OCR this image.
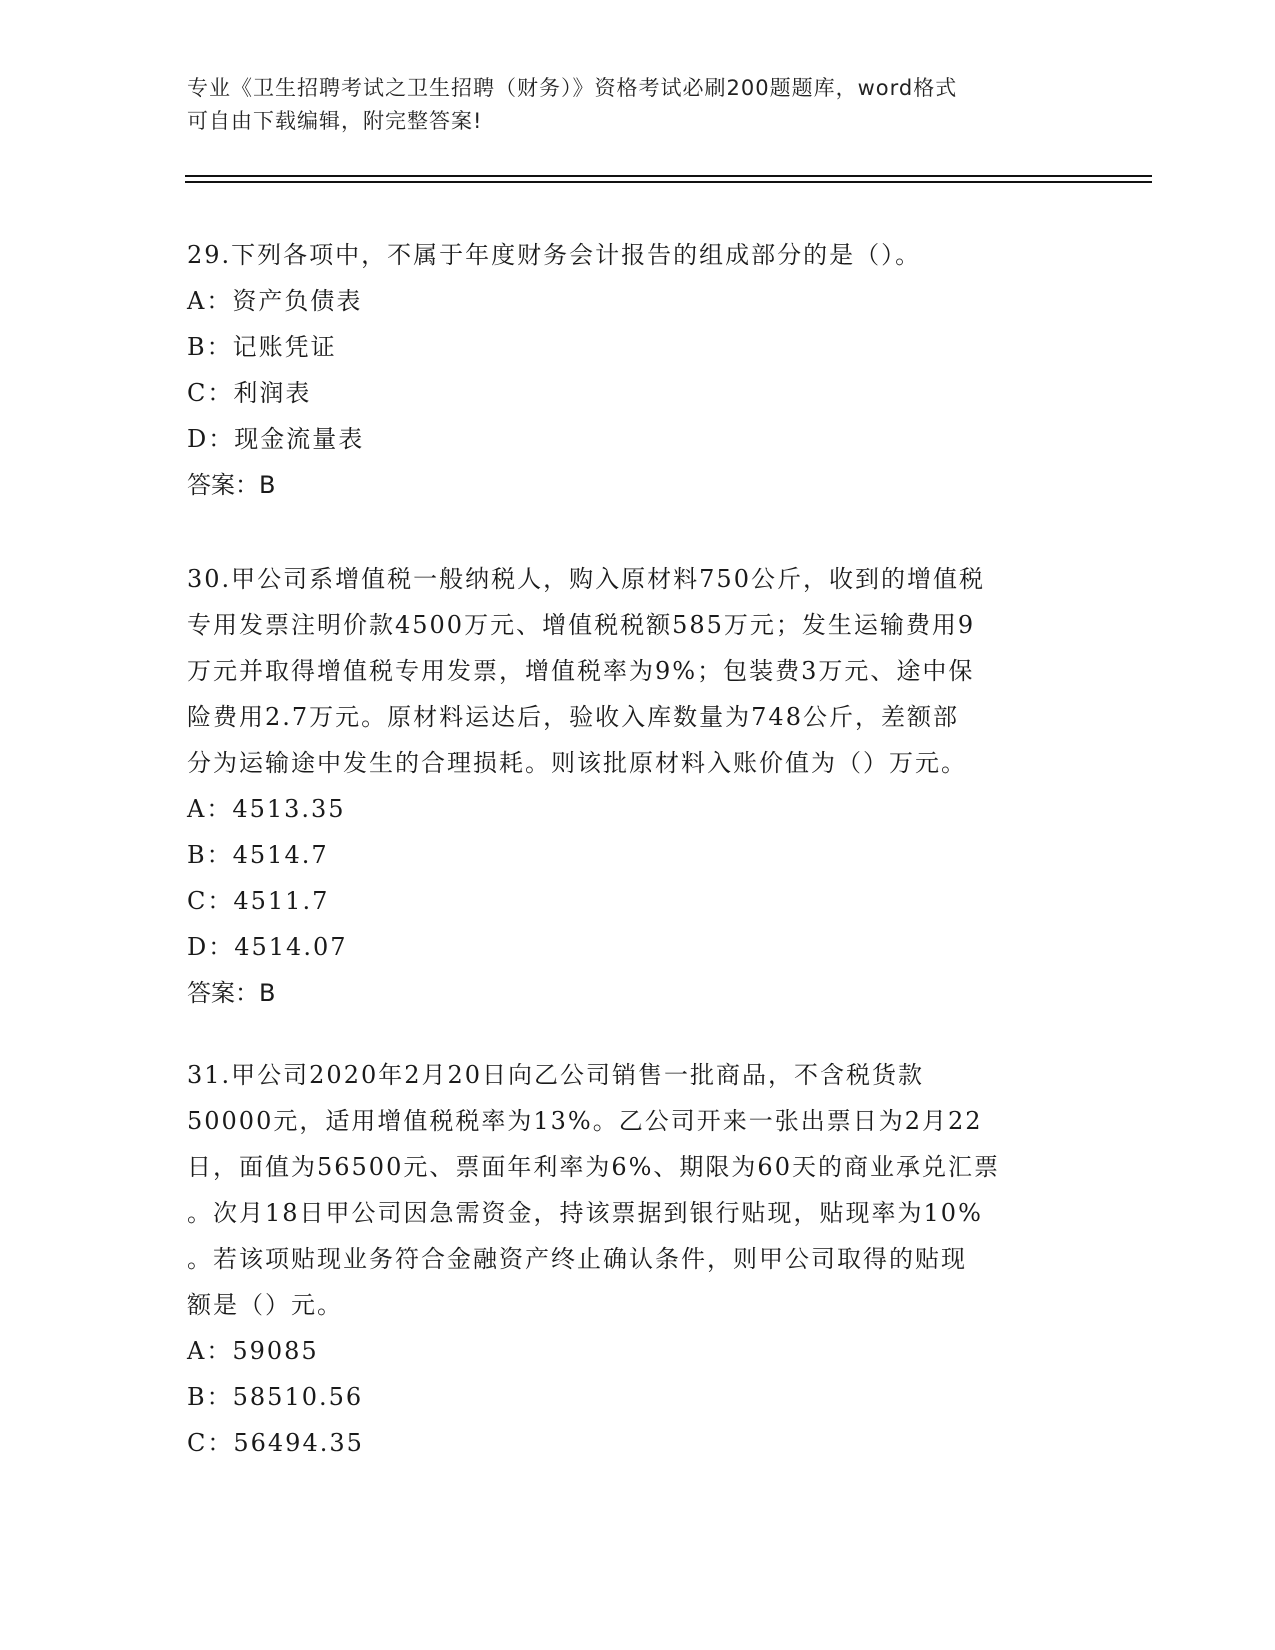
专业《卫生招聘考试之卫生招聘（财务）》资格考试必刷200题题库，word格式
可自由下载编辑，附完整答案!
29.下列各项中，不属于年度财务会计报告的组成部分的是（）。
A：资产负债表
B：记账凭证
C：利润表
D：现金流量表
答案：B
30.甲公司系增值税一般纳税人，购入原材料750公斤，收到的增值税
专用发票注明价款4500万元、增值税税额585万元；发生运输费用9
万元并取得增值税专用发票，增值税率为9%；包装费3万元、途中保
险费用2.7万元。原材料运达后，验收入库数量为748公斤，差额部
分为运输途中发生的合理损耗。则该批原材料入账价值为（）万元。
A：4513.35
B：4514.7
C：4511.7
D：4514.07
答案：B
31.甲公司2020年2月20日向乙公司销售一批商品，不含税货款
50000元，适用增值税税率为13%。乙公司开来一张出票日为2月22
日，面值为56500元、票面年利率为6%、期限为60天的商业承兑汇票
。次月18日甲公司因急需资金，持该票据到银行贴现，贴现率为10%
。若该项贴现业务符合金融资产终止确认条件，则甲公司取得的贴现
额是（）元。
A：59085
B：58510.56
C：56494.35
